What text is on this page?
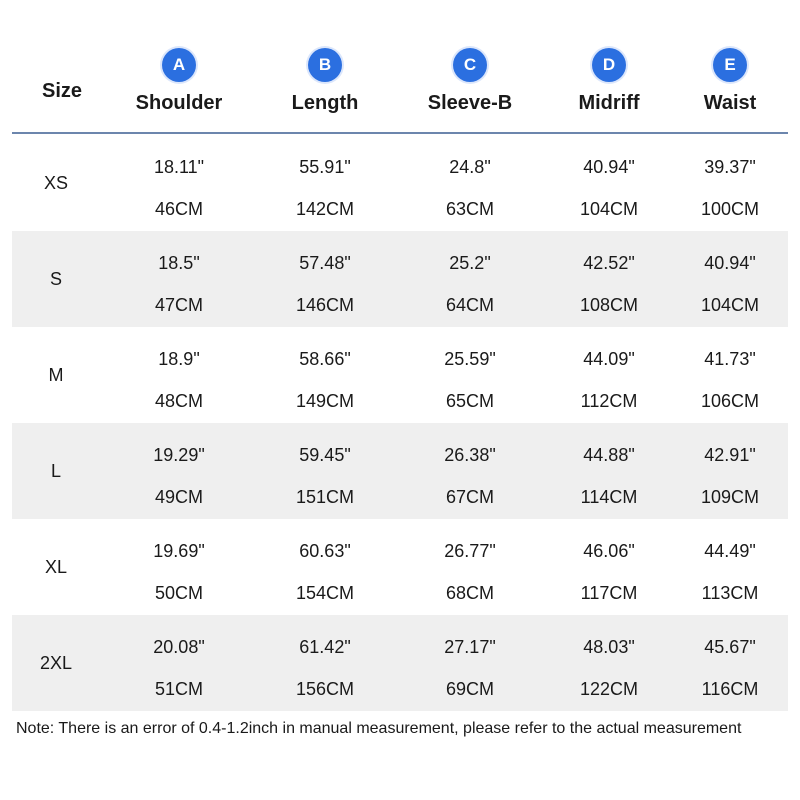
Size
A
Shoulder
B
Length
C
Sleeve-B
D
Midriff
E
Waist
XS
18.11"
46CM
55.91"
142CM
24.8"
63CM
40.94"
104CM
39.37"
100CM
S
18.5"
47CM
57.48"
146CM
25.2"
64CM
42.52"
108CM
40.94"
104CM
M
18.9"
48CM
58.66"
149CM
25.59"
65CM
44.09"
112CM
41.73"
106CM
L
19.29"
49CM
59.45"
151CM
26.38"
67CM
44.88"
114CM
42.91"
109CM
XL
19.69"
50CM
60.63"
154CM
26.77"
68CM
46.06"
117CM
44.49"
113CM
2XL
20.08"
51CM
61.42"
156CM
27.17"
69CM
48.03"
122CM
45.67"
116CM
Note: There is an error of 0.4-1.2inch in manual measurement, please refer to the actual measurement
